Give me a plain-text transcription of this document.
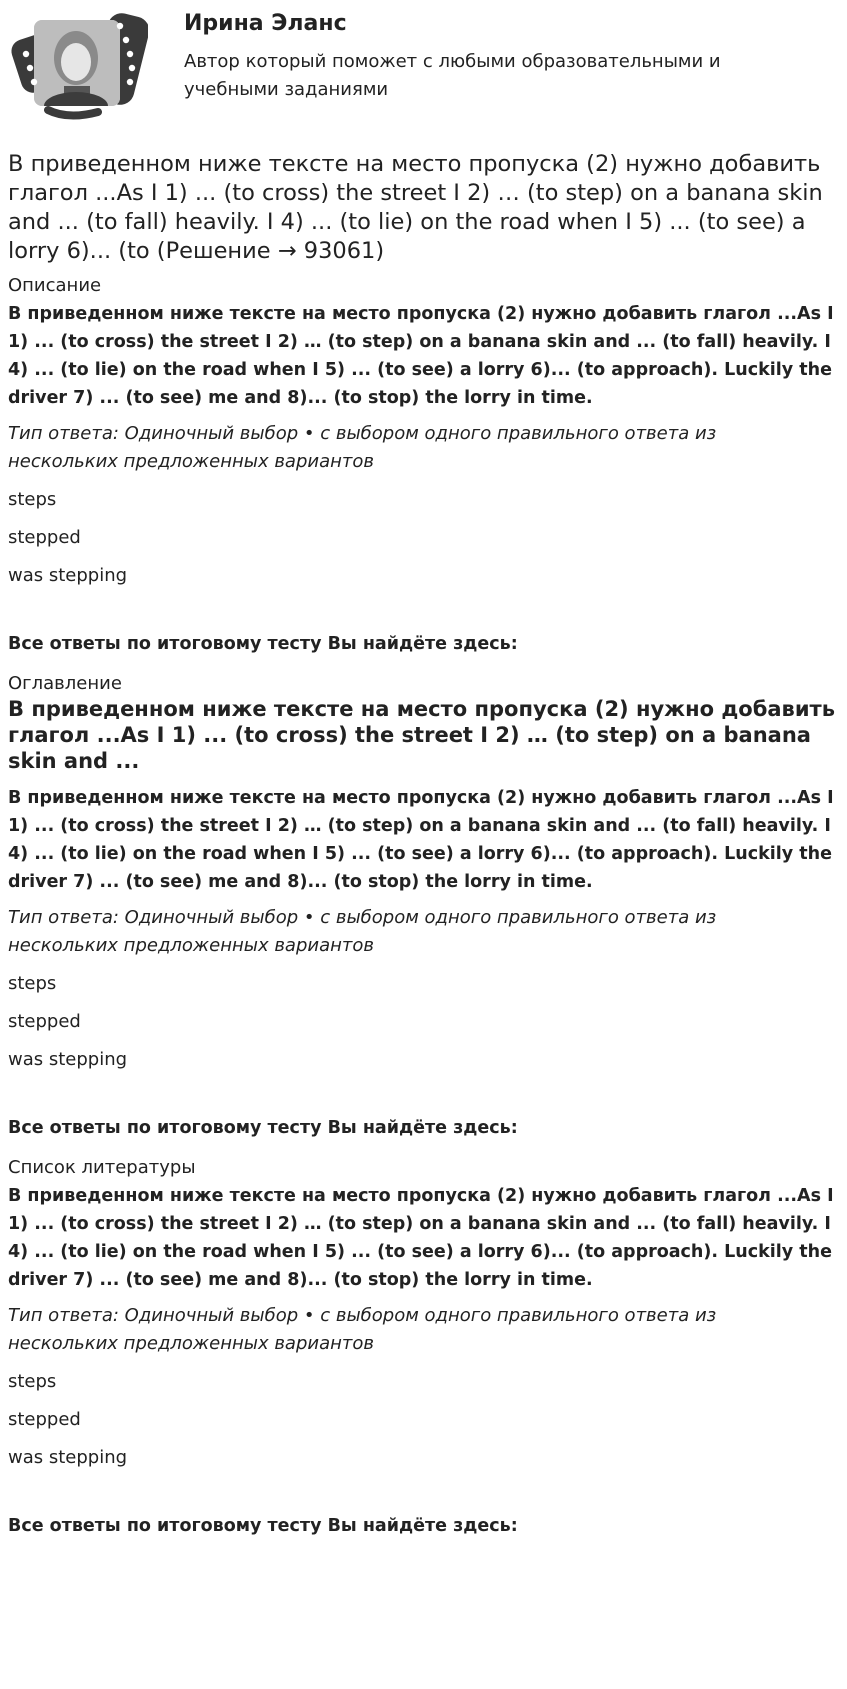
Ирина Эланс

Автор который поможет с любыми образовательными и учебными заданиями

В приведенном ниже тексте на место пропуска (2) нужно добавить глагол ...As I 1) ... (to cross) the street I 2) … (to step) on a banana skin and ... (to fall) heavily. I 4) ... (to lie) on the road when I 5) ... (to see) a lorry 6)... (to (Решение → 93061)

Описание

В приведенном ниже тексте на место пропуска (2) нужно добавить глагол ...As I 1) ... (to cross) the street I 2) … (to step) on a banana skin and ... (to fall) heavily. I 4) ... (to lie) on the road when I 5) ... (to see) a lorry 6)... (to approach). Luckily the driver 7) ... (to see) me and 8)... (to stop) the lorry in time.

Тип ответа: Одиночный выбор • с выбором одного правильного ответа из нескольких предложенных вариантов

steps
stepped
was stepping

Все ответы по итоговому тесту Вы найдёте здесь:

Оглавление

В приведенном ниже тексте на место пропуска (2) нужно добавить глагол ...As I 1) ... (to cross) the street I 2) … (to step) on a banana skin and ...

В приведенном ниже тексте на место пропуска (2) нужно добавить глагол ...As I 1) ... (to cross) the street I 2) … (to step) on a banana skin and ... (to fall) heavily. I 4) ... (to lie) on the road when I 5) ... (to see) a lorry 6)... (to approach). Luckily the driver 7) ... (to see) me and 8)... (to stop) the lorry in time.

Тип ответа: Одиночный выбор • с выбором одного правильного ответа из нескольких предложенных вариантов

steps
stepped
was stepping

Все ответы по итоговому тесту Вы найдёте здесь:

Список литературы

В приведенном ниже тексте на место пропуска (2) нужно добавить глагол ...As I 1) ... (to cross) the street I 2) … (to step) on a banana skin and ... (to fall) heavily. I 4) ... (to lie) on the road when I 5) ... (to see) a lorry 6)... (to approach). Luckily the driver 7) ... (to see) me and 8)... (to stop) the lorry in time.

Тип ответа: Одиночный выбор • с выбором одного правильного ответа из нескольких предложенных вариантов

steps
stepped
was stepping

Все ответы по итоговому тесту Вы найдёте здесь:
